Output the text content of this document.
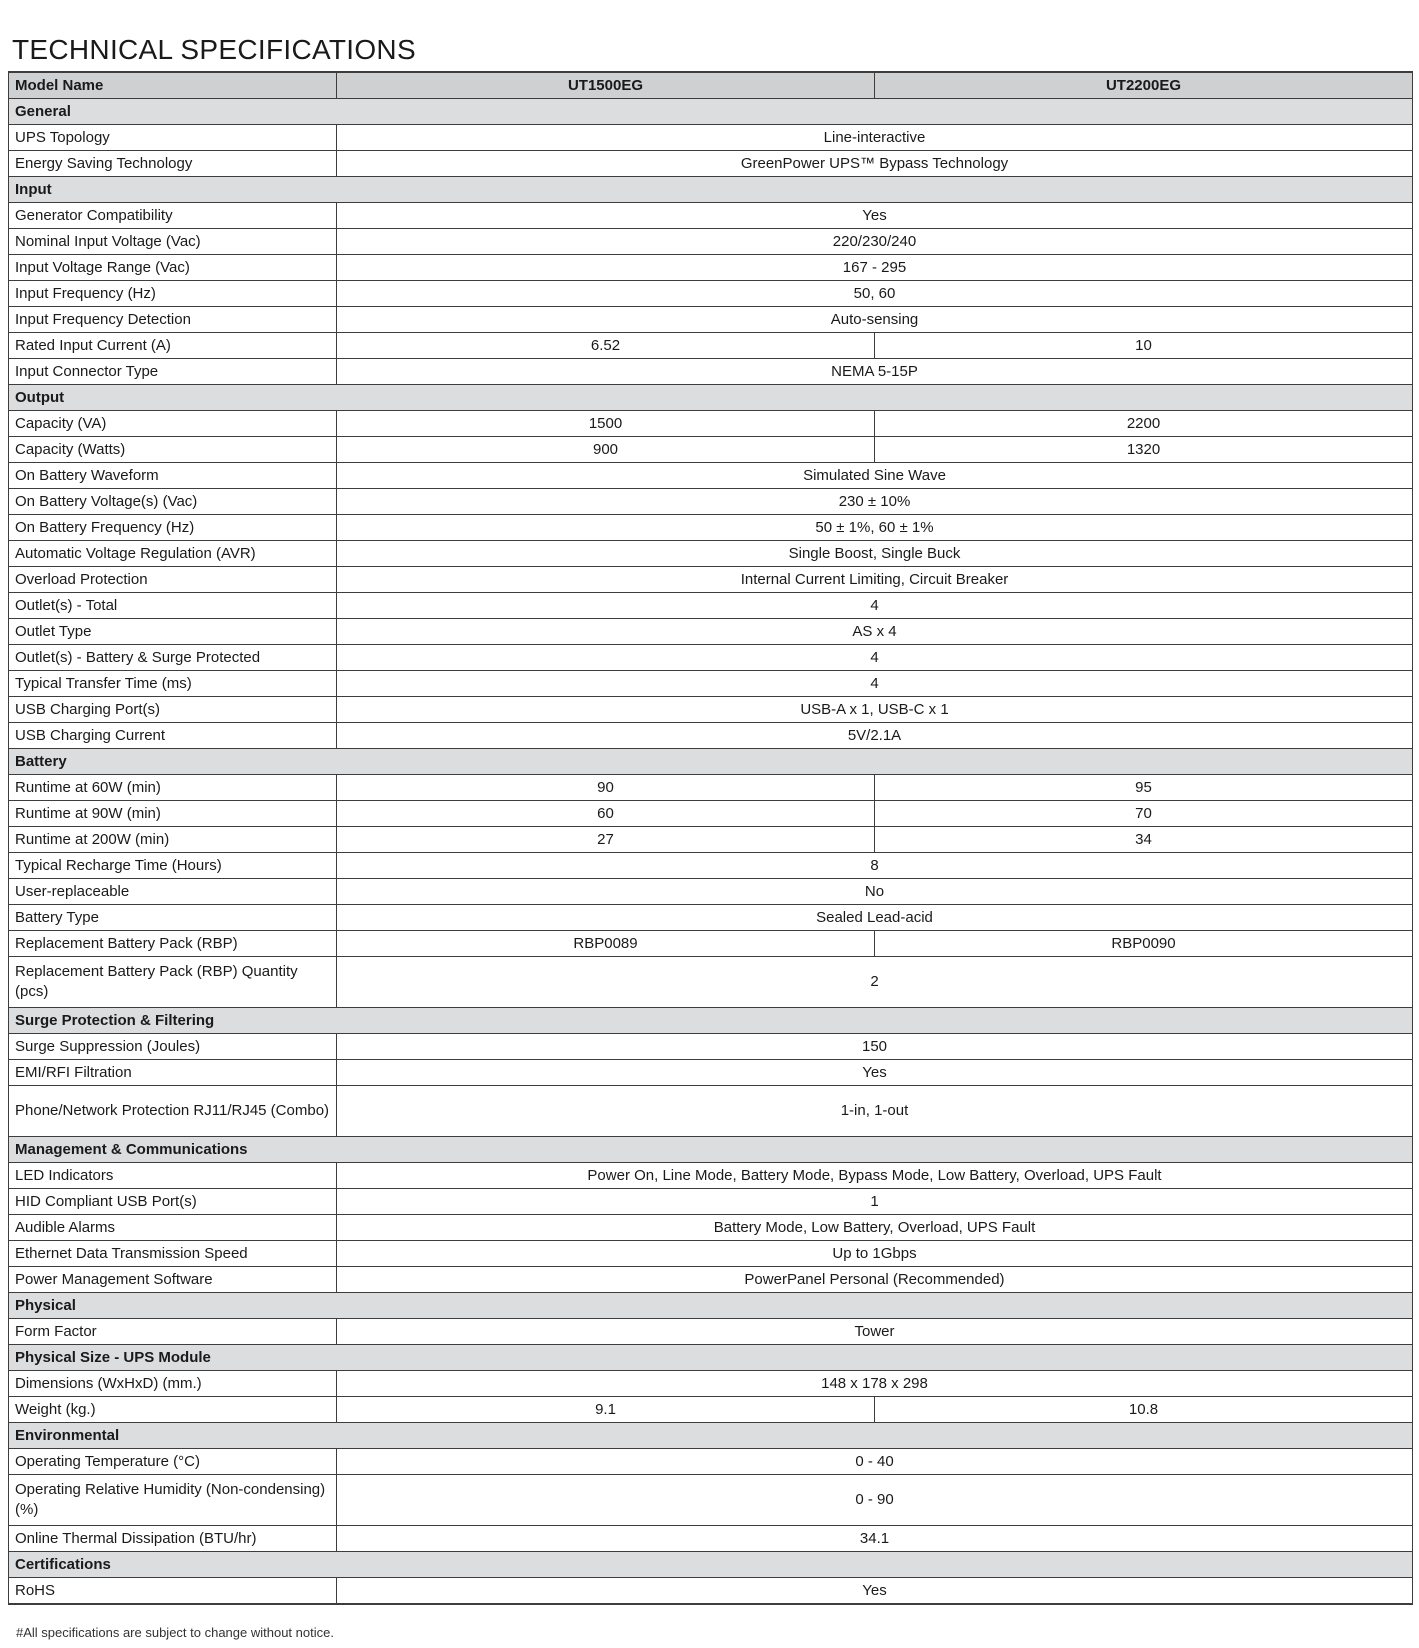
TECHNICAL SPECIFICATIONS
Model Name	UT1500EG	UT2200EG
General		
UPS Topology	Line-interactive	
Energy Saving Technology	GreenPower UPS™ Bypass Technology	
Input		
Generator Compatibility	Yes	
Nominal Input Voltage (Vac)	220/230/240	
Input Voltage Range (Vac)	167 - 295	
Input Frequency (Hz)	50, 60	
Input Frequency Detection	Auto-sensing	
Rated Input Current (A)	6.52	10
Input Connector Type	NEMA 5-15P	
Output		
Capacity (VA)	1500	2200
Capacity (Watts)	900	1320
On Battery Waveform	Simulated Sine Wave	
On Battery Voltage(s) (Vac)	230 ± 10%	
On Battery Frequency (Hz)	50 ± 1%, 60 ± 1%	
Automatic Voltage Regulation (AVR)	Single Boost, Single Buck	
Overload Protection	Internal Current Limiting, Circuit Breaker	
Outlet(s) - Total	4	
Outlet Type	AS x 4	
Outlet(s) - Battery & Surge Protected	4	
Typical Transfer Time (ms)	4	
USB Charging Port(s)	USB-A x 1, USB-C x 1	
USB Charging Current	5V/2.1A	
Battery		
Runtime at 60W (min)	90	95
Runtime at 90W (min)	60	70
Runtime at 200W (min)	27	34
Typical Recharge Time (Hours)	8	
User-replaceable	No	
Battery Type	Sealed Lead-acid	
Replacement Battery Pack (RBP)	RBP0089	RBP0090
Replacement Battery Pack (RBP) Quantity (pcs)	2	
Surge Protection & Filtering		
Surge Suppression (Joules)	150	
EMI/RFI Filtration	Yes	
Phone/Network Protection RJ11/RJ45 (Combo)	1-in, 1-out	
Management & Communications		
LED Indicators	Power On, Line Mode, Battery Mode, Bypass Mode, Low Battery, Overload, UPS Fault	
HID Compliant USB Port(s)	1	
Audible Alarms	Battery Mode, Low Battery, Overload, UPS Fault	
Ethernet Data Transmission Speed	Up to 1Gbps	
Power Management Software	PowerPanel Personal (Recommended)	
Physical		
Form Factor	Tower	
Physical Size - UPS Module		
Dimensions (WxHxD) (mm.)	148 x 178 x 298	
Weight (kg.)	9.1	10.8
Environmental		
Operating Temperature (°C)	0 - 40	
Operating Relative Humidity (Non-condensing) (%)	0 - 90	
Online Thermal Dissipation (BTU/hr)	34.1	
Certifications		
RoHS	Yes	

#All specifications are subject to change without notice.
